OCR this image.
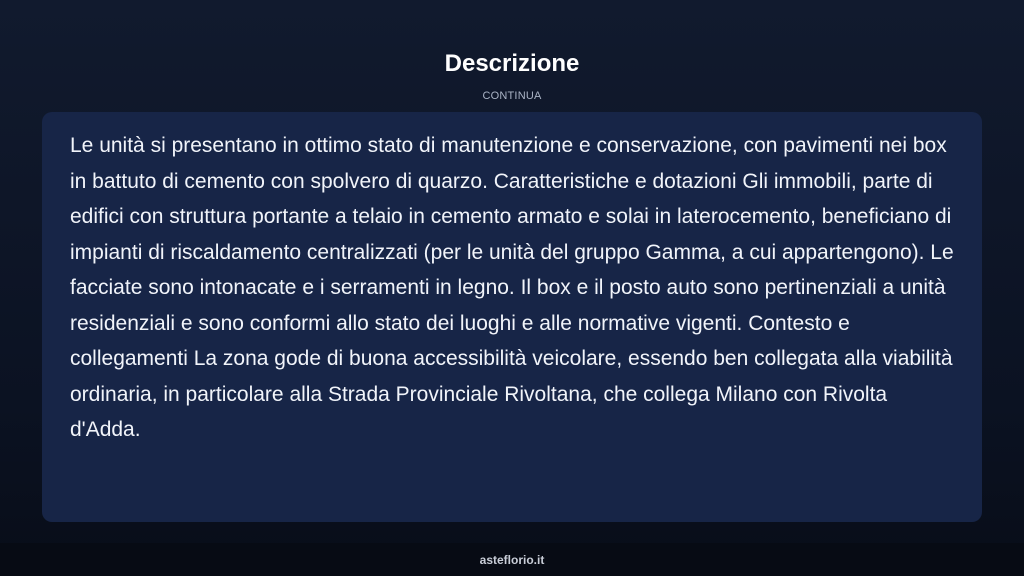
Descrizione
CONTINUA

Le unità si presentano in ottimo stato di manutenzione e conservazione, con pavimenti nei box in battuto di cemento con spolvero di quarzo. Caratteristiche e dotazioni Gli immobili, parte di edifici con struttura portante a telaio in cemento armato e solai in laterocemento, beneficiano di impianti di riscaldamento centralizzati (per le unità del gruppo Gamma, a cui appartengono). Le facciate sono intonacate e i serramenti in legno. Il box e il posto auto sono pertinenziali a unità residenziali e sono conformi allo stato dei luoghi e alle normative vigenti. Contesto e collegamenti La zona gode di buona accessibilità veicolare, essendo ben collegata alla viabilità ordinaria, in particolare alla Strada Provinciale Rivoltana, che collega Milano con Rivolta d'Adda.

asteflorio.it
